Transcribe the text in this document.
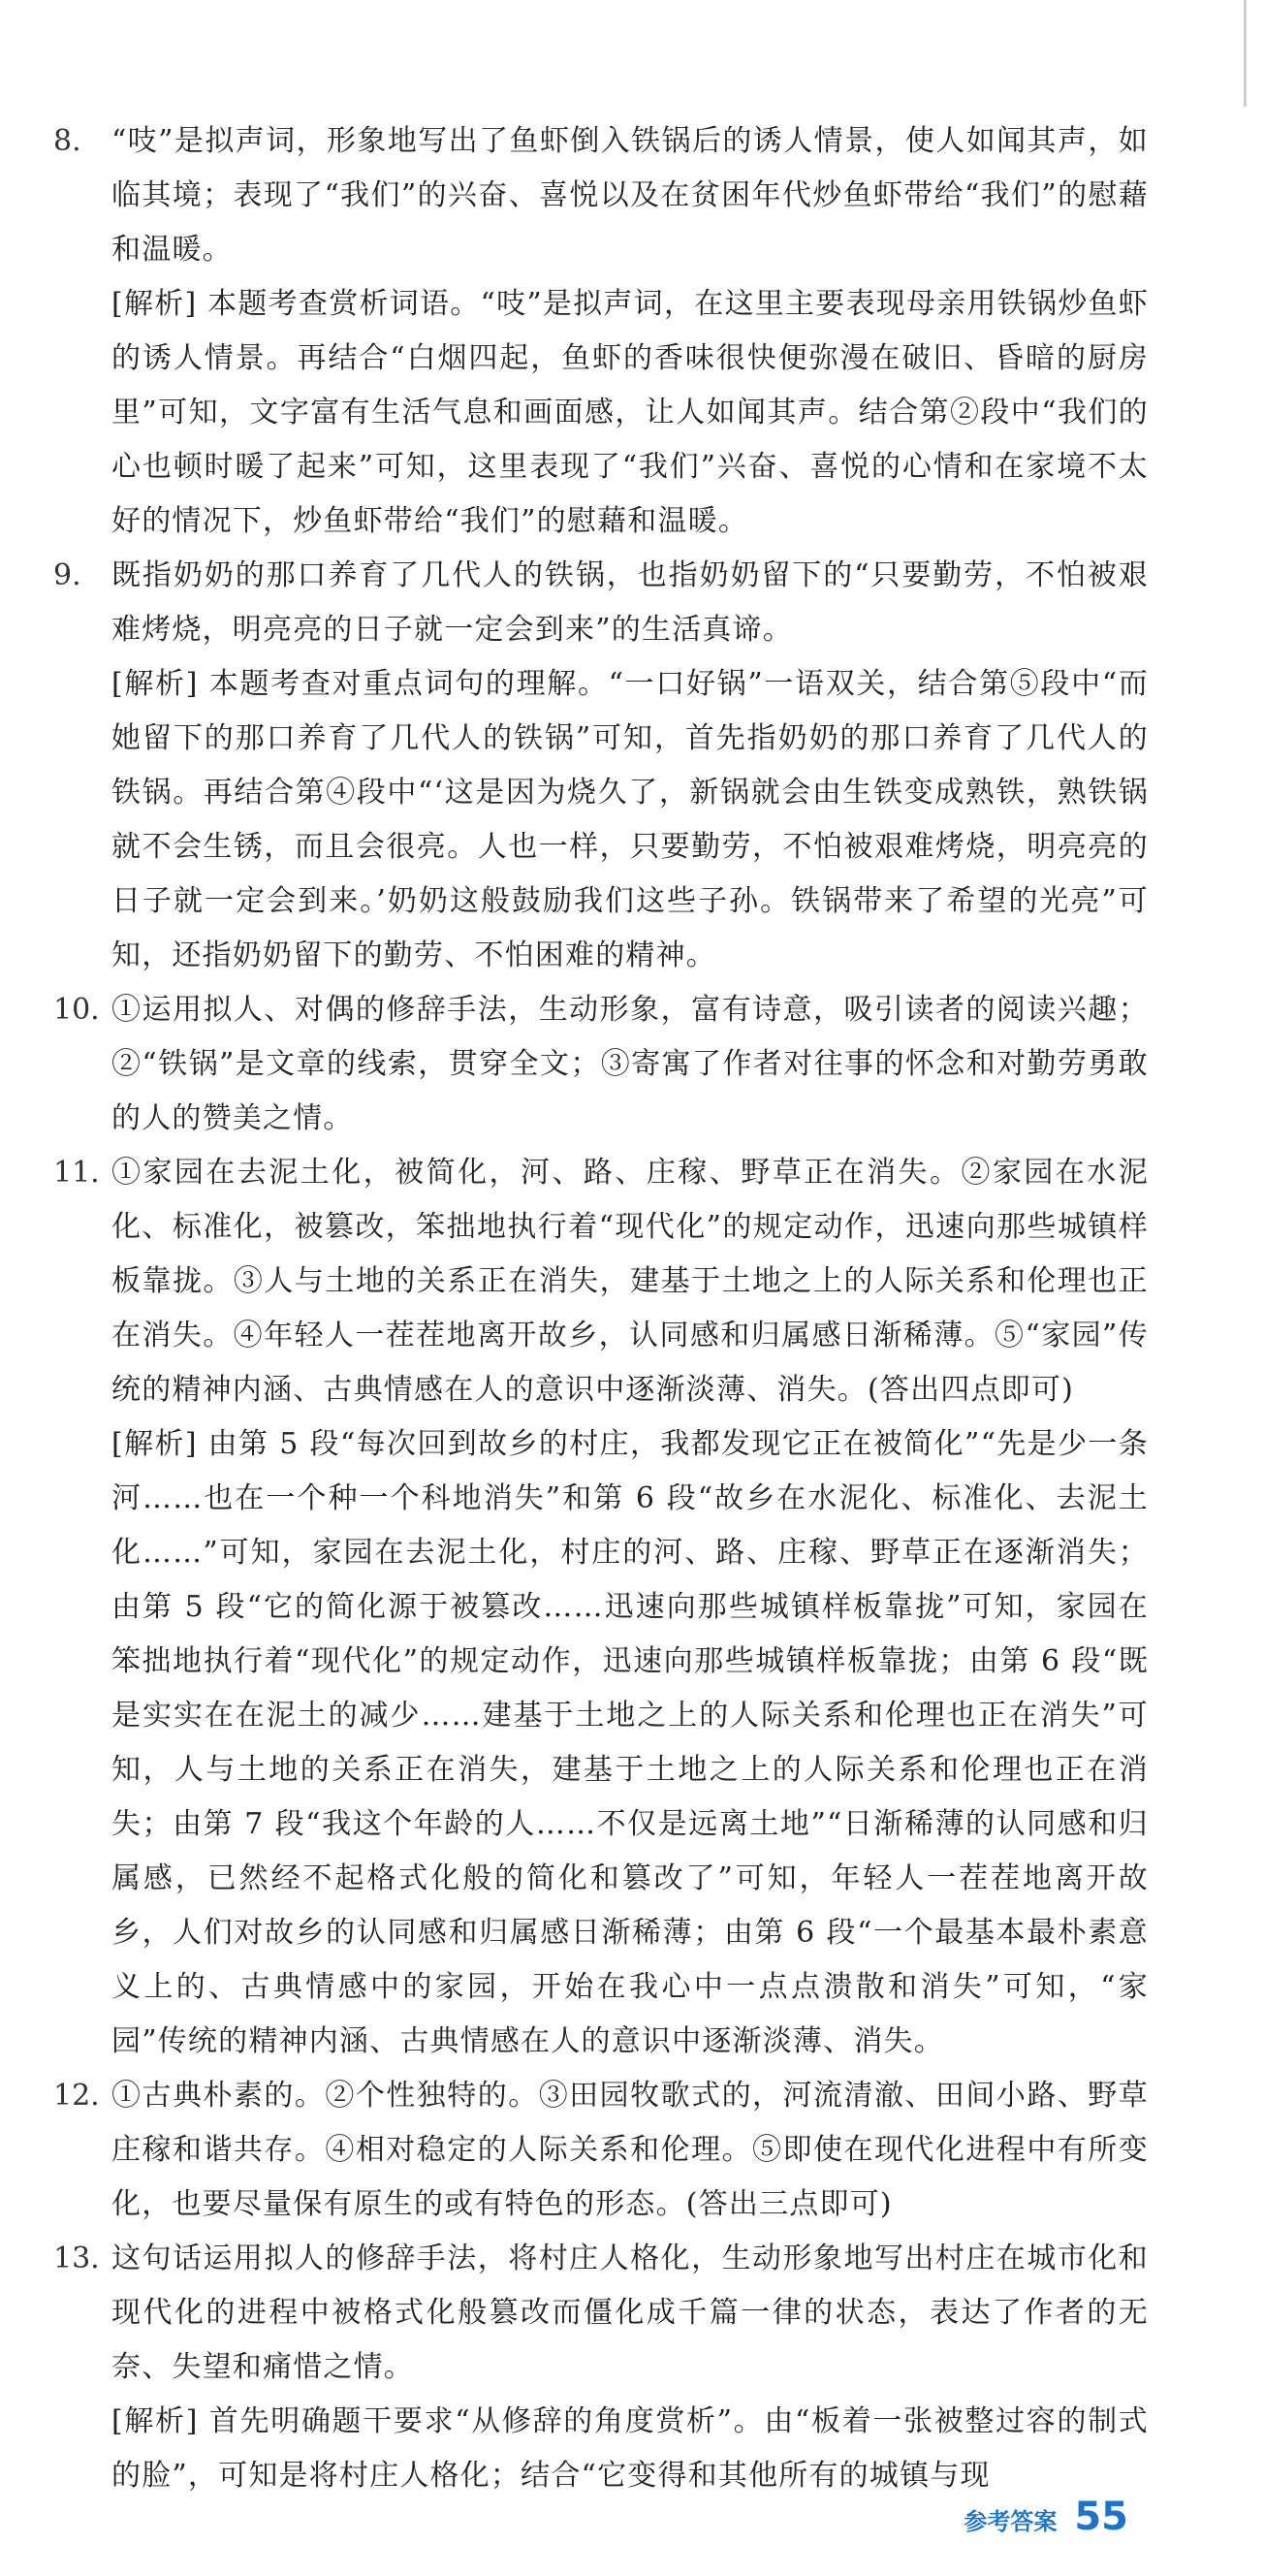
8. “吱”是拟声词，形象地写出了鱼虾倒入铁锅后的诱人情景，使人如闻其声，如临其境；表现了“我们”的兴奋、喜悦以及在贫困年代炒鱼虾带给“我们”的慰藉和温暖。

[解析] 本题考查赏析词语。“吱”是拟声词，在这里主要表现母亲用铁锅炒鱼虾的诱人情景。再结合“白烟四起，鱼虾的香味很快便弥漫在破旧、昏暗的厨房里”可知，文字富有生活气息和画面感，让人如闻其声。结合第②段中“我们的心也顿时暖了起来”可知，这里表现了“我们”兴奋、喜悦的心情和在家境不太好的情况下，炒鱼虾带给“我们”的慰藉和温暖。

9. 既指奶奶的那口养育了几代人的铁锅，也指奶奶留下的“只要勤劳，不怕被艰难烤烧，明亮亮的日子就一定会到来”的生活真谛。

[解析] 本题考查对重点词句的理解。“一口好锅”一语双关，结合第⑤段中“而她留下的那口养育了几代人的铁锅”可知，首先指奶奶的那口养育了几代人的铁锅。再结合第④段中“‘这是因为烧久了，新锅就会由生铁变成熟铁，熟铁锅就不会生锈，而且会很亮。人也一样，只要勤劳，不怕被艰难烤烧，明亮亮的日子就一定会到来。’奶奶这般鼓励我们这些子孙。铁锅带来了希望的光亮”可知，还指奶奶留下的勤劳、不怕困难的精神。

10. ①运用拟人、对偶的修辞手法，生动形象，富有诗意，吸引读者的阅读兴趣；②“铁锅”是文章的线索，贯穿全文；③寄寓了作者对往事的怀念和对勤劳勇敢的人的赞美之情。

11. ①家园在去泥土化，被简化，河、路、庄稼、野草正在消失。②家园在水泥化、标准化，被篡改，笨拙地执行着“现代化”的规定动作，迅速向那些城镇样板靠拢。③人与土地的关系正在消失，建基于土地之上的人际关系和伦理也正在消失。④年轻人一茬茬地离开故乡，认同感和归属感日渐稀薄。⑤“家园”传统的精神内涵、古典情感在人的意识中逐渐淡薄、消失。(答出四点即可)

[解析] 由第 5 段“每次回到故乡的村庄，我都发现它正在被简化”“先是少一条河……也在一个种一个科地消失”和第 6 段“故乡在水泥化、标准化、去泥土化……”可知，家园在去泥土化，村庄的河、路、庄稼、野草正在逐渐消失；由第 5 段“它的简化源于被篡改……迅速向那些城镇样板靠拢”可知，家园在笨拙地执行着“现代化”的规定动作，迅速向那些城镇样板靠拢；由第 6 段“既是实实在在泥土的减少……建基于土地之上的人际关系和伦理也正在消失”可知，人与土地的关系正在消失，建基于土地之上的人际关系和伦理也正在消失；由第 7 段“我这个年龄的人……不仅是远离土地”“日渐稀薄的认同感和归属感，已然经不起格式化般的简化和篡改了”可知，年轻人一茬茬地离开故乡，人们对故乡的认同感和归属感日渐稀薄；由第 6 段“一个最基本最朴素意义上的、古典情感中的家园，开始在我心中一点点溃散和消失”可知，“家园”传统的精神内涵、古典情感在人的意识中逐渐淡薄、消失。

12. ①古典朴素的。②个性独特的。③田园牧歌式的，河流清澈、田间小路、野草庄稼和谐共存。④相对稳定的人际关系和伦理。⑤即使在现代化进程中有所变化，也要尽量保有原生的或有特色的形态。(答出三点即可)

13. 这句话运用拟人的修辞手法，将村庄人格化，生动形象地写出村庄在城市化和现代化的进程中被格式化般篡改而僵化成千篇一律的状态，表达了作者的无奈、失望和痛惜之情。

[解析] 首先明确题干要求“从修辞的角度赏析”。由“板着一张被整过容的制式的脸”，可知是将村庄人格化；结合“它变得和其他所有的城镇与现

参考答案 55
